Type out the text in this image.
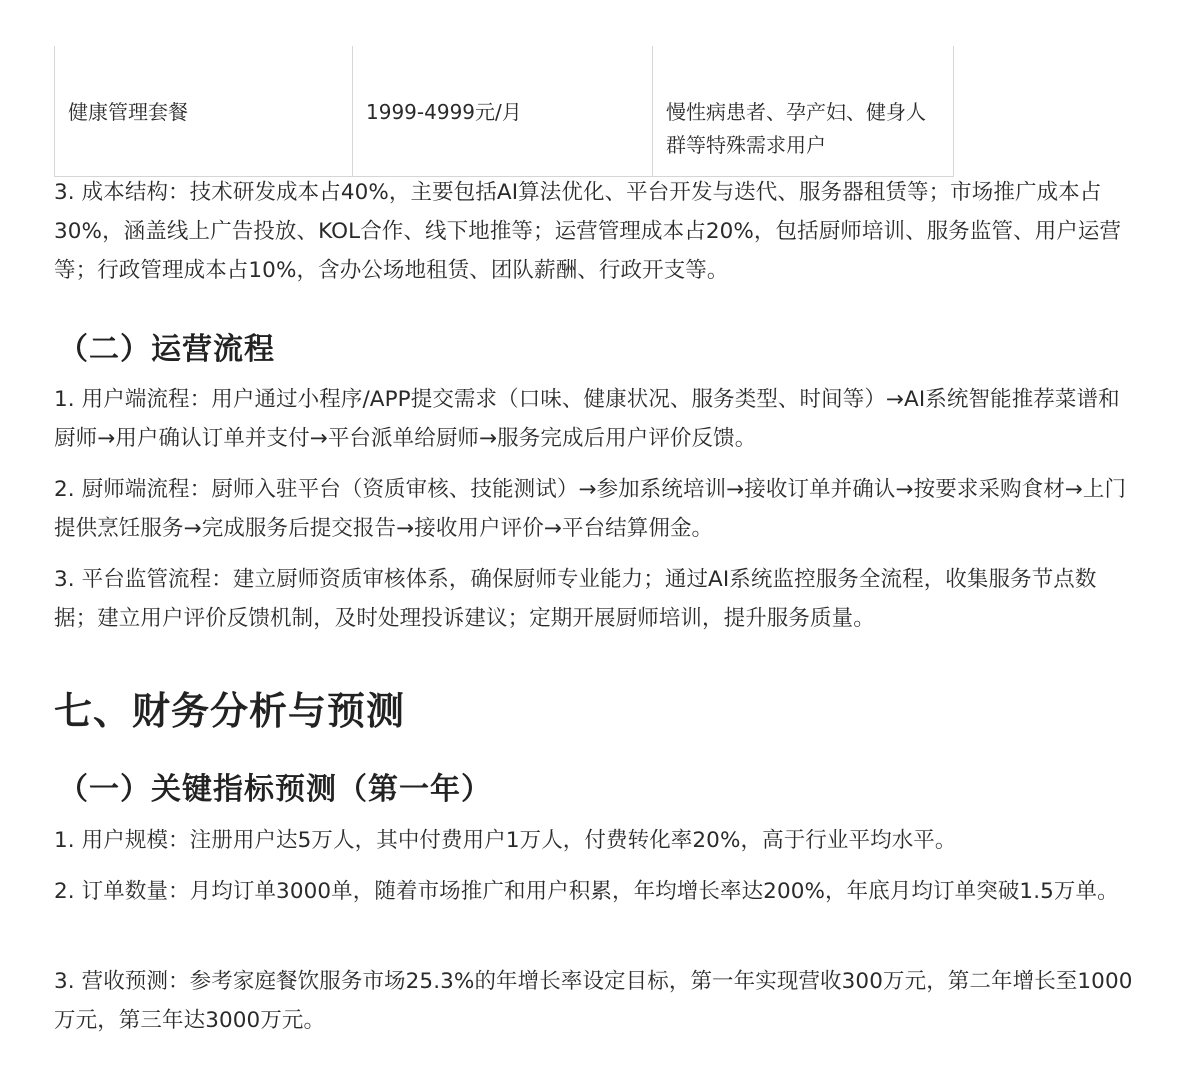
健康管理套餐	1999-4999元/月	慢性病患者、孕产妇、健身人群等特殊需求用户

3. 成本结构：技术研发成本占40%，主要包括AI算法优化、平台开发与迭代、服务器租赁等；市场推广成本占30%，涵盖线上广告投放、KOL合作、线下地推等；运营管理成本占20%，包括厨师培训、服务监管、用户运营等；行政管理成本占10%，含办公场地租赁、团队薪酬、行政开支等。

（二）运营流程

1. 用户端流程：用户通过小程序/APP提交需求（口味、健康状况、服务类型、时间等）→AI系统智能推荐菜谱和厨师→用户确认订单并支付→平台派单给厨师→服务完成后用户评价反馈。

2. 厨师端流程：厨师入驻平台（资质审核、技能测试）→参加系统培训→接收订单并确认→按要求采购食材→上门提供烹饪服务→完成服务后提交报告→接收用户评价→平台结算佣金。

3. 平台监管流程：建立厨师资质审核体系，确保厨师专业能力；通过AI系统监控服务全流程，收集服务节点数据；建立用户评价反馈机制，及时处理投诉建议；定期开展厨师培训，提升服务质量。

七、财务分析与预测
（一）关键指标预测（第一年）

1. 用户规模：注册用户达5万人，其中付费用户1万人，付费转化率20%，高于行业平均水平。

2. 订单数量：月均订单3000单，随着市场推广和用户积累，年均增长率达200%，年底月均订单突破1.5万单。

3. 营收预测：参考家庭餐饮服务市场25.3%的年增长率设定目标，第一年实现营收300万元，第二年增长至1000万元，第三年达3000万元。
